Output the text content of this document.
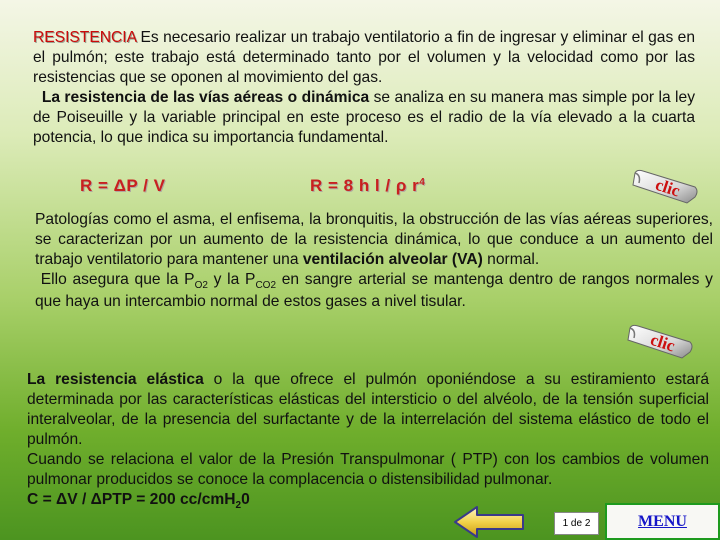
RESISTENCIA Es necesario realizar un trabajo ventilatorio a fin de ingresar y eliminar el gas en el pulmón; este trabajo está determinado tanto por el volumen y la velocidad como por las resistencias que se oponen al movimiento del gas.
La resistencia de las vías aéreas o dinámica se analiza en su manera mas simple por la ley de Poiseuille y la variable principal en este proceso es el radio de la vía elevado a la cuarta potencia, lo que indica su importancia fundamental.

R = ΔP / V	R = 8 h l / ρ $r^4$	clic

Patologías como el asma, el enfisema, la bronquitis, la obstrucción de las vías aéreas superiores, se caracterizan por un aumento de la resistencia dinámica, lo que conduce a un aumento del trabajo ventilatorio para mantener una ventilación alveolar (VA) normal.
Ello asegura que la $P_{O2}$ y la $P_{CO2}$ en sangre arterial se mantenga dentro de rangos normales y que haya un intercambio normal de estos gases a nivel tisular.

clic

La resistencia elástica o la que ofrece el pulmón oponiéndose a su estiramiento estará determinada por las características elásticas del intersticio o del alvéolo, de la tensión superficial interalveolar, de la presencia del surfactante y de la interrelación del sistema elástico de todo el pulmón.
Cuando se relaciona el valor de la Presión Transpulmonar ( PTP) con los cambios de volumen pulmonar producidos se conoce la complacencia o distensibilidad pulmonar.
C = ΔV / ΔPTP = 200 cc/cmH$_2$0

1 de 2	MENU
